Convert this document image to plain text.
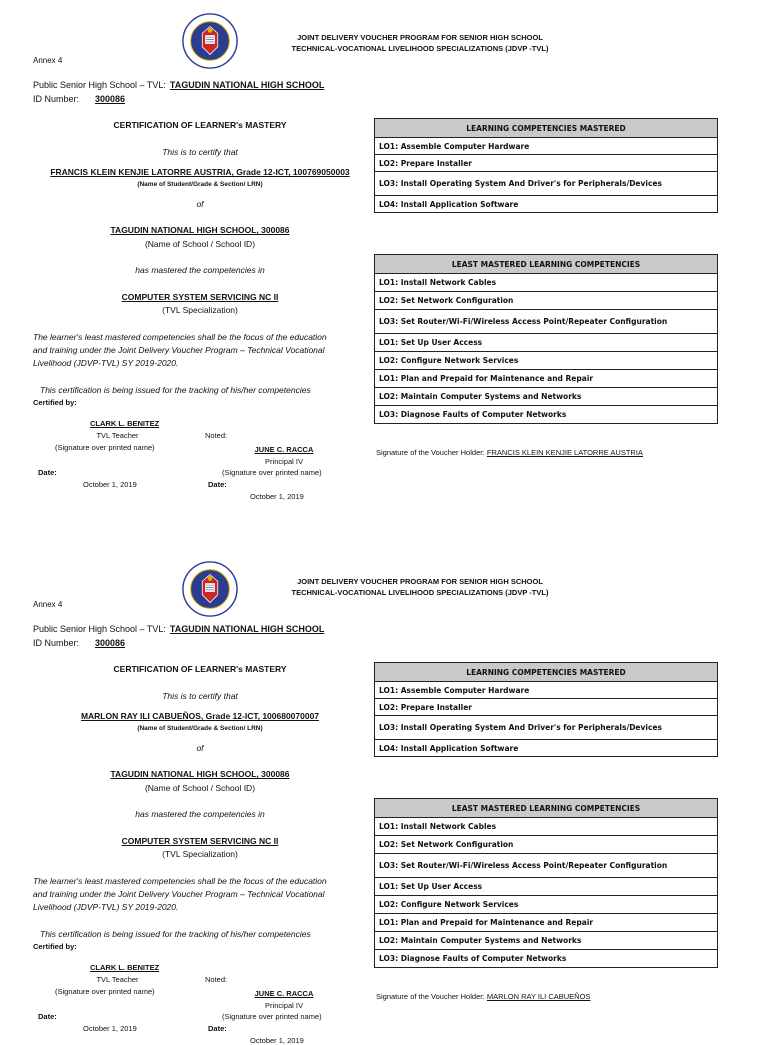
JOINT DELIVERY VOUCHER PROGRAM FOR SENIOR HIGH SCHOOL
TECHNICAL-VOCATIONAL LIVELIHOOD SPECIALIZATIONS (JDVP -TVL)
Annex 4
Public Senior High School – TVL: TAGUDIN NATIONAL HIGH SCHOOL
ID Number: 300086
CERTIFICATION OF LEARNER's MASTERY
This is to certify that
FRANCIS KLEIN KENJIE LATORRE AUSTRIA, Grade 12-ICT, 100769050003
(Name of Student/Grade & Section/ LRN)
of
TAGUDIN NATIONAL HIGH SCHOOL, 300086
(Name of School / School ID)
has mastered the competencies in
COMPUTER SYSTEM SERVICING NC II
(TVL Specialization)
The learner's least mastered competencies shall be the focus of the education and training under the Joint Delivery Voucher Program – Technical Vocational Livelihood (JDVP-TVL) SY 2019-2020.
This certification is being issued for the tracking of his/her competencies
Certified by:
CLARK L. BENITEZ
TVL Teacher
(Signature over printed name)
Noted:
JUNE C. RACCA
Principal IV
(Signature over printed name)
Date:
October 1, 2019	Date:
October 1, 2019
LEARNING COMPETENCIES MASTERED
LO1: Assemble Computer Hardware
LO2: Prepare Installer
LO3: Install Operating System And Driver's for Peripherals/Devices
LO4: Install Application Software
LEAST MASTERED LEARNING COMPETENCIES
LO1: Install Network Cables
LO2: Set Network Configuration
LO3: Set Router/Wi-Fi/Wireless Access Point/Repeater Configuration
LO1: Set Up User Access
LO2: Configure Network Services
LO1: Plan and Prepaid for Maintenance and Repair
LO2: Maintain Computer Systems and Networks
LO3: Diagnose Faults of Computer Networks
Signature of the Voucher Holder: FRANCIS KLEIN KENJIE LATORRE AUSTRIA
JOINT DELIVERY VOUCHER PROGRAM FOR SENIOR HIGH SCHOOL
TECHNICAL-VOCATIONAL LIVELIHOOD SPECIALIZATIONS (JDVP -TVL)
Annex 4
Public Senior High School – TVL: TAGUDIN NATIONAL HIGH SCHOOL
ID Number: 300086
CERTIFICATION OF LEARNER's MASTERY
This is to certify that
MARLON RAY ILI CABUEÑOS, Grade 12-ICT, 100680070007
(Name of Student/Grade & Section/ LRN)
of
TAGUDIN NATIONAL HIGH SCHOOL, 300086
(Name of School / School ID)
has mastered the competencies in
COMPUTER SYSTEM SERVICING NC II
(TVL Specialization)
The learner's least mastered competencies shall be the focus of the education and training under the Joint Delivery Voucher Program – Technical Vocational Livelihood (JDVP-TVL) SY 2019-2020.
This certification is being issued for the tracking of his/her competencies
Certified by:
CLARK L. BENITEZ
TVL Teacher
(Signature over printed name)
Noted:
JUNE C. RACCA
Principal IV
(Signature over printed name)
Date:
October 1, 2019	Date:
October 1, 2019
LEARNING COMPETENCIES MASTERED
LO1: Assemble Computer Hardware
LO2: Prepare Installer
LO3: Install Operating System And Driver's for Peripherals/Devices
LO4: Install Application Software
LEAST MASTERED LEARNING COMPETENCIES
LO1: Install Network Cables
LO2: Set Network Configuration
LO3: Set Router/Wi-Fi/Wireless Access Point/Repeater Configuration
LO1: Set Up User Access
LO2: Configure Network Services
LO1: Plan and Prepaid for Maintenance and Repair
LO2: Maintain Computer Systems and Networks
LO3: Diagnose Faults of Computer Networks
Signature of the Voucher Holder: MARLON RAY ILI CABUEÑOS
